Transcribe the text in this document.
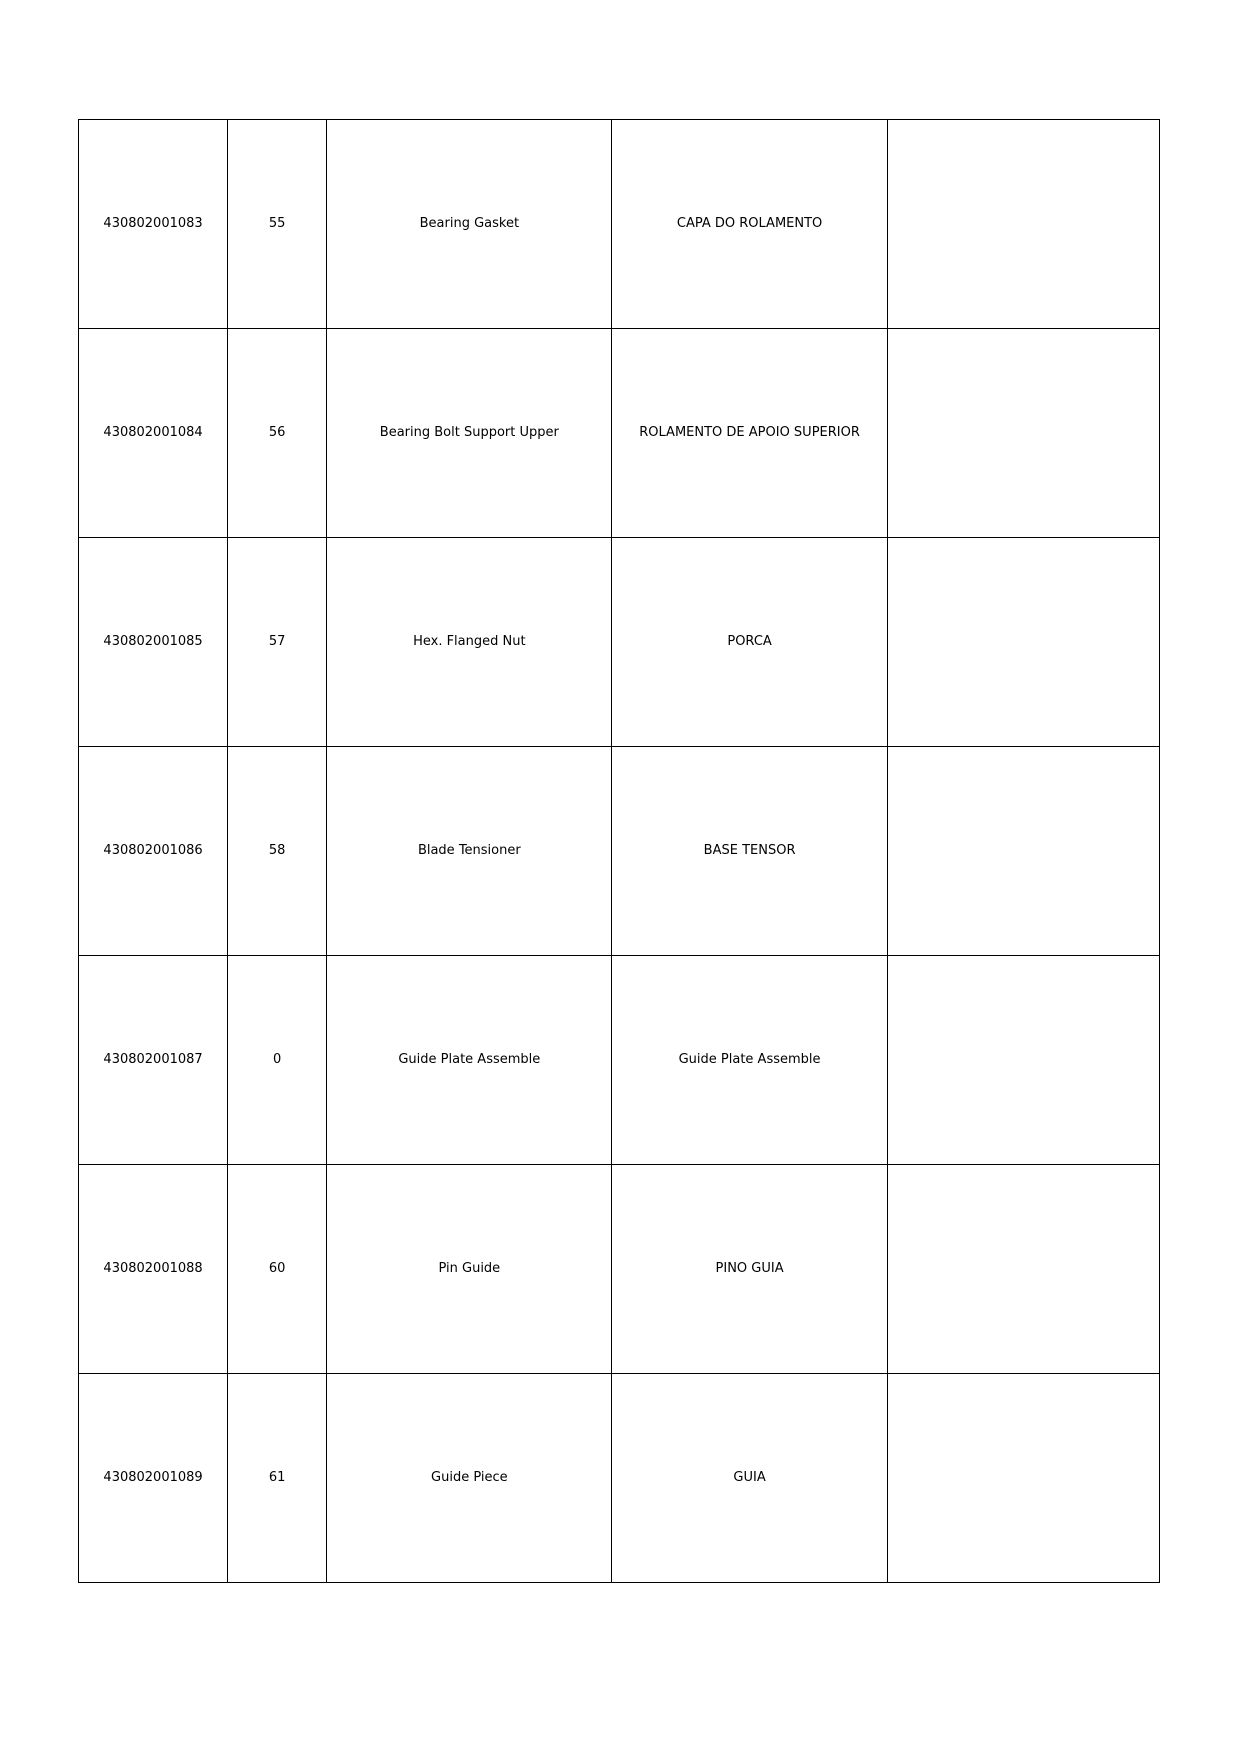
430802001083	55	Bearing Gasket	CAPA DO ROLAMENTO	
430802001084	56	Bearing Bolt Support Upper	ROLAMENTO DE APOIO SUPERIOR	
430802001085	57	Hex. Flanged Nut	PORCA	
430802001086	58	Blade Tensioner	BASE TENSOR	
430802001087	0	Guide Plate Assemble	Guide Plate Assemble	
430802001088	60	Pin Guide	PINO GUIA	
430802001089	61	Guide Piece	GUIA	
